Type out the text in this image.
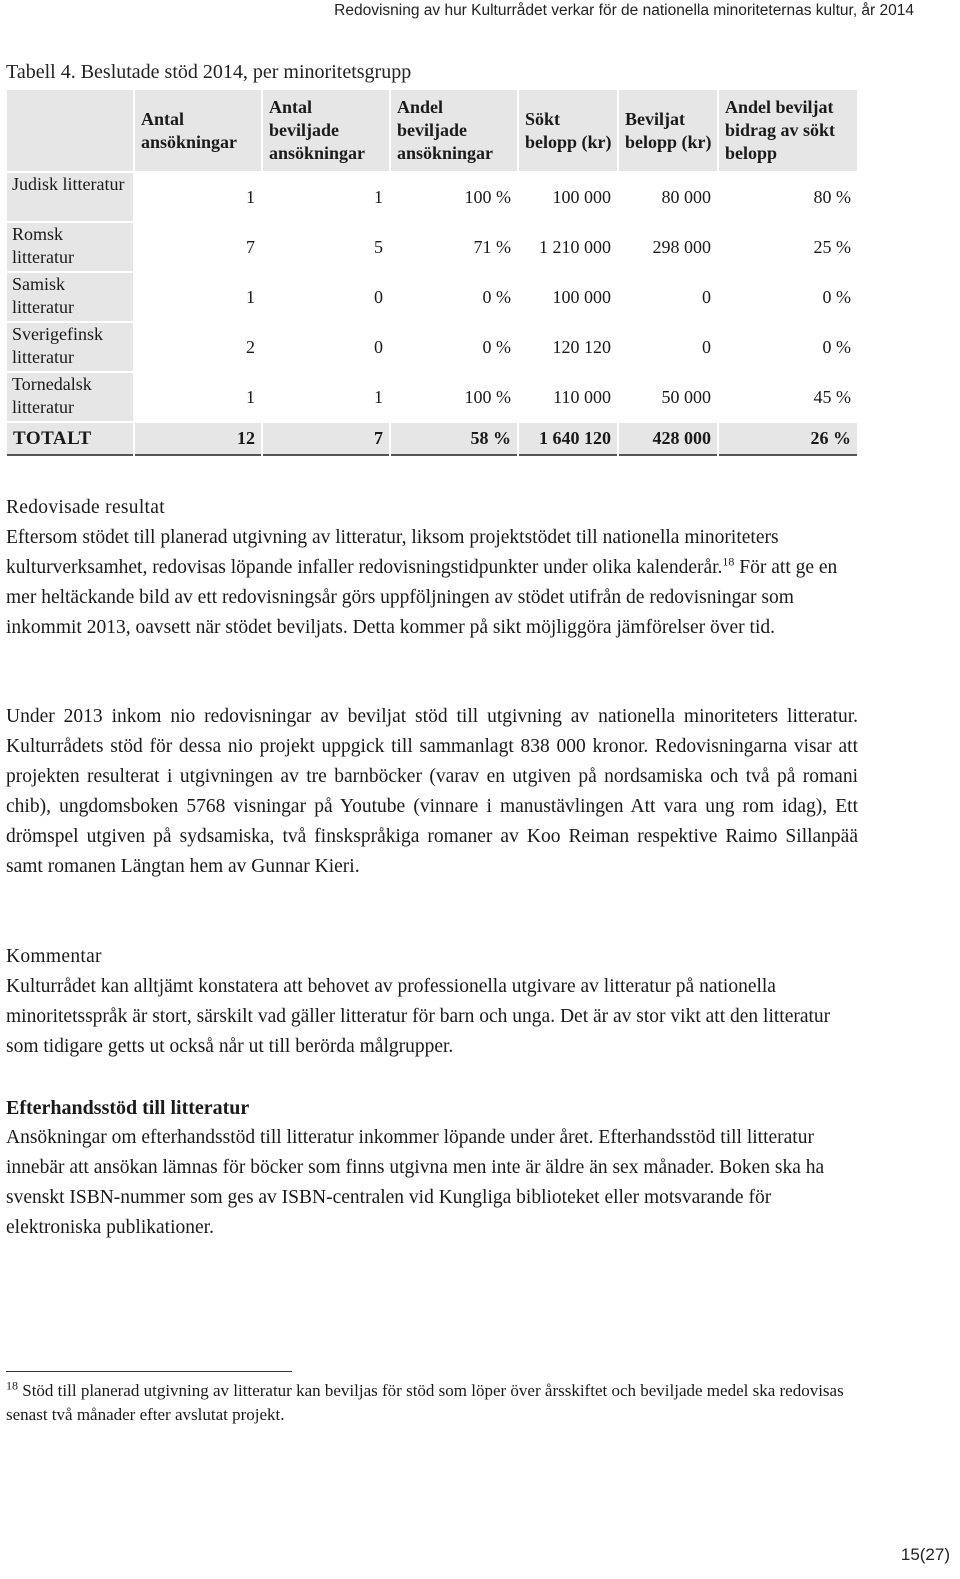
Redovisning av hur Kulturrådet verkar för de nationella minoriteternas kultur, år 2014
Tabell 4. Beslutade stöd 2014, per minoritetsgrupp
	Antal ansökningar	Antal beviljade ansökningar	Andel beviljade ansökningar	Sökt belopp (kr)	Beviljat belopp (kr)	Andel beviljat bidrag av sökt belopp
Judisk litteratur	1	1	100 %	100 000	80 000	80 %
Romsk litteratur	7	5	71 %	1 210 000	298 000	25 %
Samisk litteratur	1	0	0 %	100 000	0	0 %
Sverigefinsk litteratur	2	0	0 %	120 120	0	0 %
Tornedalsk litteratur	1	1	100 %	110 000	50 000	45 %
TOTALT	12	7	58 %	1 640 120	428 000	26 %

Redovisade resultat

Eftersom stödet till planerad utgivning av litteratur, liksom projektstödet till nationella minoriteters kulturverksamhet, redovisas löpande infaller redovisningstidpunkter under olika kalenderår.$^{18}$ För att ge en mer heltäckande bild av ett redovisningsår görs uppföljningen av stödet utifrån de redovisningar som inkommit 2013, oavsett när stödet beviljats. Detta kommer på sikt möjliggöra jämförelser över tid.

Under 2013 inkom nio redovisningar av beviljat stöd till utgivning av nationella minoriteters litteratur. Kulturrådets stöd för dessa nio projekt uppgick till sammanlagt 838 000 kronor. Redovisningarna visar att projekten resulterat i utgivningen av tre barnböcker (varav en utgiven på nordsamiska och två på romani chib), ungdomsboken 5768 visningar på Youtube (vinnare i manustävlingen Att vara ung rom idag), Ett drömspel utgiven på sydsamiska, två finskspråkiga romaner av Koo Reiman respektive Raimo Sillanpää samt romanen Längtan hem av Gunnar Kieri.

Kommentar

Kulturrådet kan alltjämt konstatera att behovet av professionella utgivare av litteratur på nationella minoritetsspråk är stort, särskilt vad gäller litteratur för barn och unga. Det är av stor vikt att den litteratur som tidigare getts ut också når ut till berörda målgrupper.

Efterhandsstöd till litteratur

Ansökningar om efterhandsstöd till litteratur inkommer löpande under året. Efterhandsstöd till litteratur innebär att ansökan lämnas för böcker som finns utgivna men inte är äldre än sex månader. Boken ska ha svenskt ISBN-nummer som ges av ISBN-centralen vid Kungliga biblioteket eller motsvarande för elektroniska publikationer.

$^{18}$ Stöd till planerad utgivning av litteratur kan beviljas för stöd som löper över årsskiftet och beviljade medel ska redovisas senast två månader efter avslutat projekt.
15(27)
